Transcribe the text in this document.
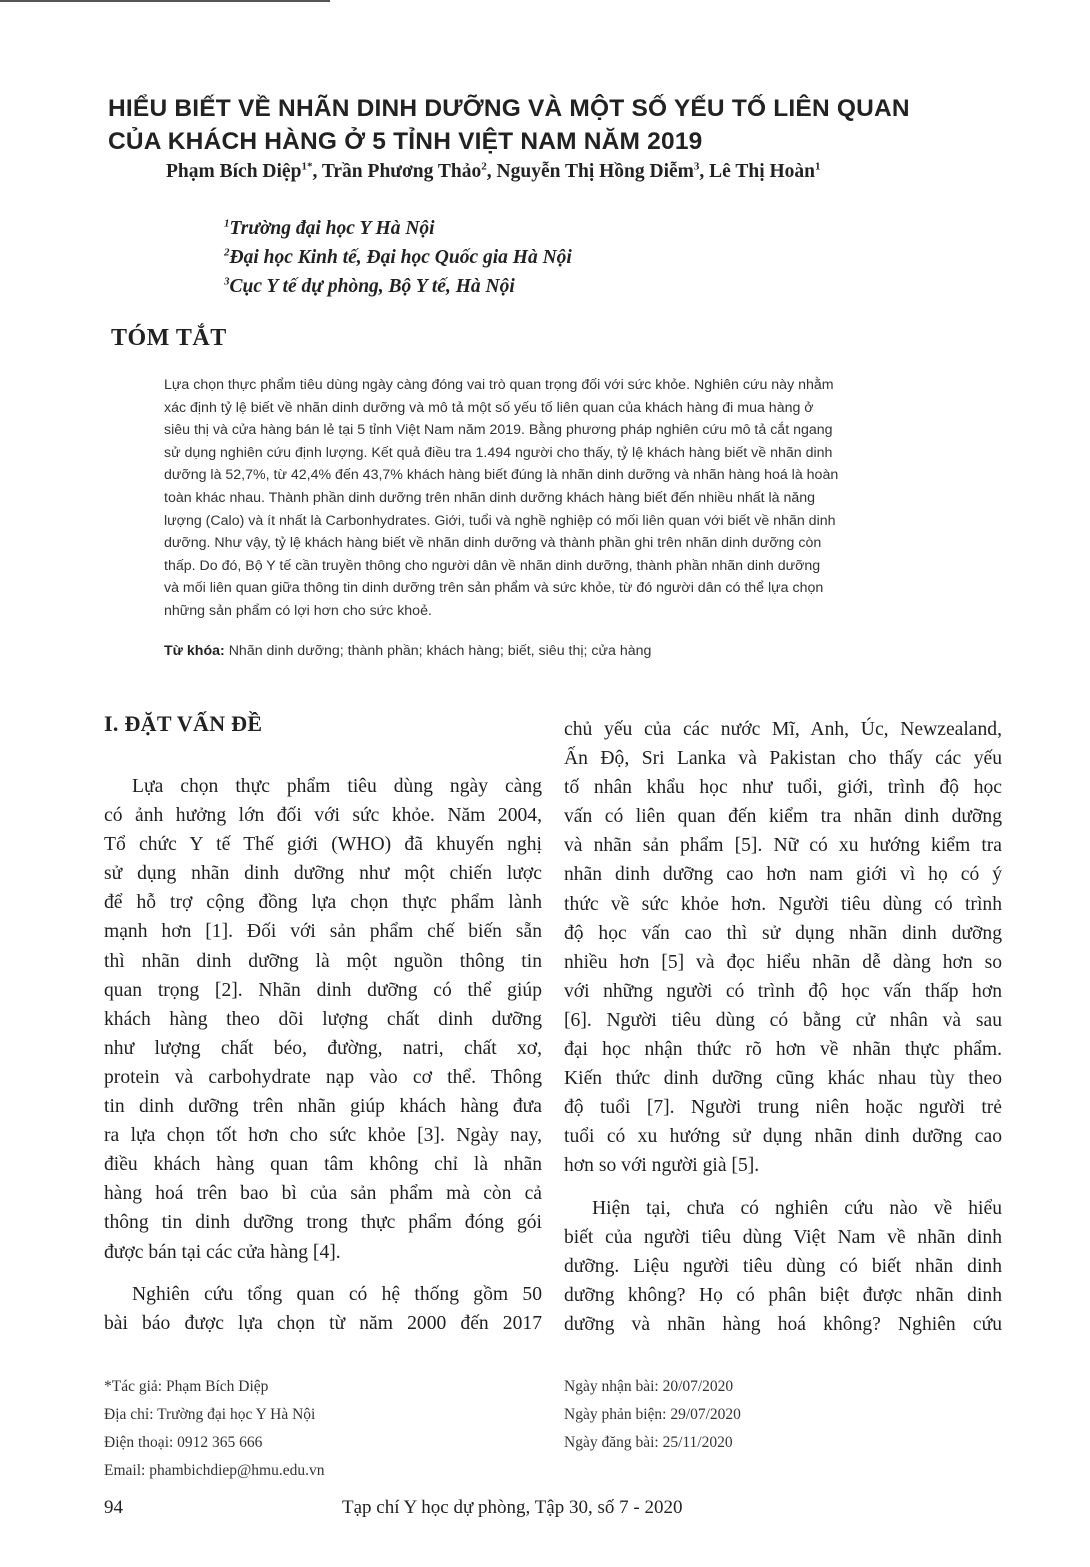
HIỂU BIẾT VỀ NHÃN DINH DƯỠNG VÀ MỘT SỐ YẾU TỐ LIÊN QUAN
CỦA KHÁCH HÀNG Ở 5 TỈNH VIỆT NAM NĂM 2019
Phạm Bích Diệp$^{1*}$, Trần Phương Thảo$^2$, Nguyễn Thị Hồng Diễm$^3$, Lê Thị Hoàn$^1$
$^1$Trường đại học Y Hà Nội
$^2$Đại học Kinh tế, Đại học Quốc gia Hà Nội
$^3$Cục Y tế dự phòng, Bộ Y tế, Hà Nội
TÓM TẮT
Lựa chọn thực phẩm tiêu dùng ngày càng đóng vai trò quan trọng đối với sức khỏe. Nghiên cứu này nhằm
xác định tỷ lệ biết về nhãn dinh dưỡng và mô tả một số yếu tố liên quan của khách hàng đi mua hàng ở
siêu thị và cửa hàng bán lẻ tại 5 tỉnh Việt Nam năm 2019. Bằng phương pháp nghiên cứu mô tả cắt ngang
sử dụng nghiên cứu định lượng. Kết quả điều tra 1.494 người cho thấy, tỷ lệ khách hàng biết về nhãn dinh
dưỡng là 52,7%, từ 42,4% đến 43,7% khách hàng biết đúng là nhãn dinh dưỡng và nhãn hàng hoá là hoàn
toàn khác nhau. Thành phần dinh dưỡng trên nhãn dinh dưỡng khách hàng biết đến nhiều nhất là năng
lượng (Calo) và ít nhất là Carbonhydrates. Giới, tuổi và nghề nghiệp có mối liên quan với biết về nhãn dinh
dưỡng. Như vậy, tỷ lệ khách hàng biết về nhãn dinh dưỡng và thành phần ghi trên nhãn dinh dưỡng còn
thấp. Do đó, Bộ Y tế cần truyền thông cho người dân về nhãn dinh dưỡng, thành phần nhãn dinh dưỡng
và mối liên quan giữa thông tin dinh dưỡng trên sản phẩm và sức khỏe, từ đó người dân có thể lựa chọn
những sản phẩm có lợi hơn cho sức khoẻ.
Từ khóa: Nhãn dinh dưỡng; thành phần; khách hàng; biết, siêu thị; cửa hàng
I. ĐẶT VẤN ĐỀ
Lựa chọn thực phẩm tiêu dùng ngày càng
có ảnh hưởng lớn đối với sức khỏe. Năm 2004,
Tổ chức Y tế Thế giới (WHO) đã khuyến nghị
sử dụng nhãn dinh dưỡng như một chiến lược
để hỗ trợ cộng đồng lựa chọn thực phẩm lành
mạnh hơn [1]. Đối với sản phẩm chế biến sẵn
thì nhãn dinh dưỡng là một nguồn thông tin
quan trọng [2]. Nhãn dinh dưỡng có thể giúp
khách hàng theo dõi lượng chất dinh dưỡng
như lượng chất béo, đường, natri, chất xơ,
protein và carbohydrate nạp vào cơ thể. Thông
tin dinh dưỡng trên nhãn giúp khách hàng đưa
ra lựa chọn tốt hơn cho sức khỏe [3]. Ngày nay,
điều khách hàng quan tâm không chỉ là nhãn
hàng hoá trên bao bì của sản phẩm mà còn cả
thông tin dinh dưỡng trong thực phẩm đóng gói
được bán tại các cửa hàng [4].
Nghiên cứu tổng quan có hệ thống gồm 50
bài báo được lựa chọn từ năm 2000 đến 2017
chủ yếu của các nước Mĩ, Anh, Úc, Newzealand,
Ấn Độ, Sri Lanka và Pakistan cho thấy các yếu
tố nhân khẩu học như tuổi, giới, trình độ học
vấn có liên quan đến kiểm tra nhãn dinh dưỡng
và nhãn sản phẩm [5]. Nữ có xu hướng kiểm tra
nhãn dinh dưỡng cao hơn nam giới vì họ có ý
thức về sức khỏe hơn. Người tiêu dùng có trình
độ học vấn cao thì sử dụng nhãn dinh dưỡng
nhiều hơn [5] và đọc hiểu nhãn dễ dàng hơn so
với những người có trình độ học vấn thấp hơn
[6]. Người tiêu dùng có bằng cử nhân và sau
đại học nhận thức rõ hơn về nhãn thực phẩm.
Kiến thức dinh dưỡng cũng khác nhau tùy theo
độ tuổi [7]. Người trung niên hoặc người trẻ
tuổi có xu hướng sử dụng nhãn dinh dưỡng cao
hơn so với người già [5].
Hiện tại, chưa có nghiên cứu nào về hiểu
biết của người tiêu dùng Việt Nam về nhãn dinh
dưỡng. Liệu người tiêu dùng có biết nhãn dinh
dưỡng không? Họ có phân biệt được nhãn dinh
dưỡng và nhãn hàng hoá không? Nghiên cứu
*Tác giả: Phạm Bích Diệp
Địa chỉ: Trường đại học Y Hà Nội
Điện thoại: 0912 365 666
Email: phambichdiep@hmu.edu.vn
Ngày nhận bài: 20/07/2020
Ngày phản biện: 29/07/2020
Ngày đăng bài: 25/11/2020
94	Tạp chí Y học dự phòng, Tập 30, số 7 - 2020
